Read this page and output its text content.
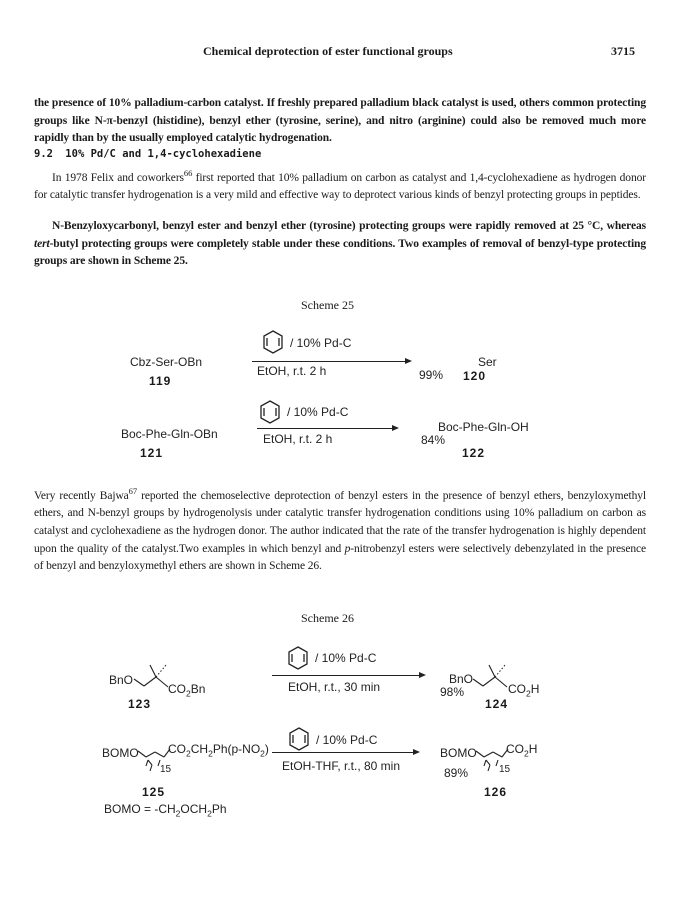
Chemical deprotection of ester functional groups	3715

the presence of 10% palladium-carbon catalyst. If freshly prepared palladium black catalyst is used, others common protecting groups like N-π-benzyl (histidine), benzyl ether (tyrosine, serine), and nitro (arginine) could also be removed much more rapidly than by the usually employed catalytic hydrogenation.

9.2 10% Pd/C and 1,4-cyclohexadiene

In 1978 Felix and coworkers$^{66}$ first reported that 10% palladium on carbon as catalyst and 1,4-cyclohexadiene as hydrogen donor for catalytic transfer hydrogenation is a very mild and effective way to deprotect various kinds of benzyl protecting groups in peptides.

N-Benzyloxycarbonyl, benzyl ester and benzyl ether (tyrosine) protecting groups were rapidly removed at 25 °C, whereas tert-butyl protecting groups were completely stable under these conditions. Two examples of removal of benzyl-type protecting groups are shown in Scheme 25.

Scheme 25
/ 10% Pd-C
Cbz-Ser-OBn
EtOH, r.t. 2 h
119	99%
Ser
120
/ 10% Pd-C
Boc-Phe-Gln-OBn	EtOH, r.t. 2 h
121
84%
Boc-Phe-Gln-OH
122

Very recently Bajwa$^{67}$ reported the chemoselective deprotection of benzyl esters in the presence of benzyl ethers, benzyloxymethyl ethers, and N-benzyl groups by hydrogenolysis under catalytic transfer hydrogenation conditions using 10% palladium on carbon as catalyst and cyclohexadiene as the hydrogen donor. The author indicated that the rate of the transfer hydrogenation is highly dependent upon the quality of the catalyst.Two examples in which benzyl and p-nitrobenzyl esters were selectively debenzylated in the presence of benzyl and benzyloxymethyl ethers are shown in Scheme 26.

Scheme 26
/ 10% Pd-C
BnO
$CO_2Bn$
123
EtOH, r.t., 30 min
BnO
98%	$CO_2H$
124
/ 10% Pd-C
BOMO $CO_2CH_2Ph(p-NO_2)$
15
125
BOMO = $-CH_2OCH_2Ph$
EtOH-THF, r.t., 80 min
BOMO $CO_2H$
89%	15
126
